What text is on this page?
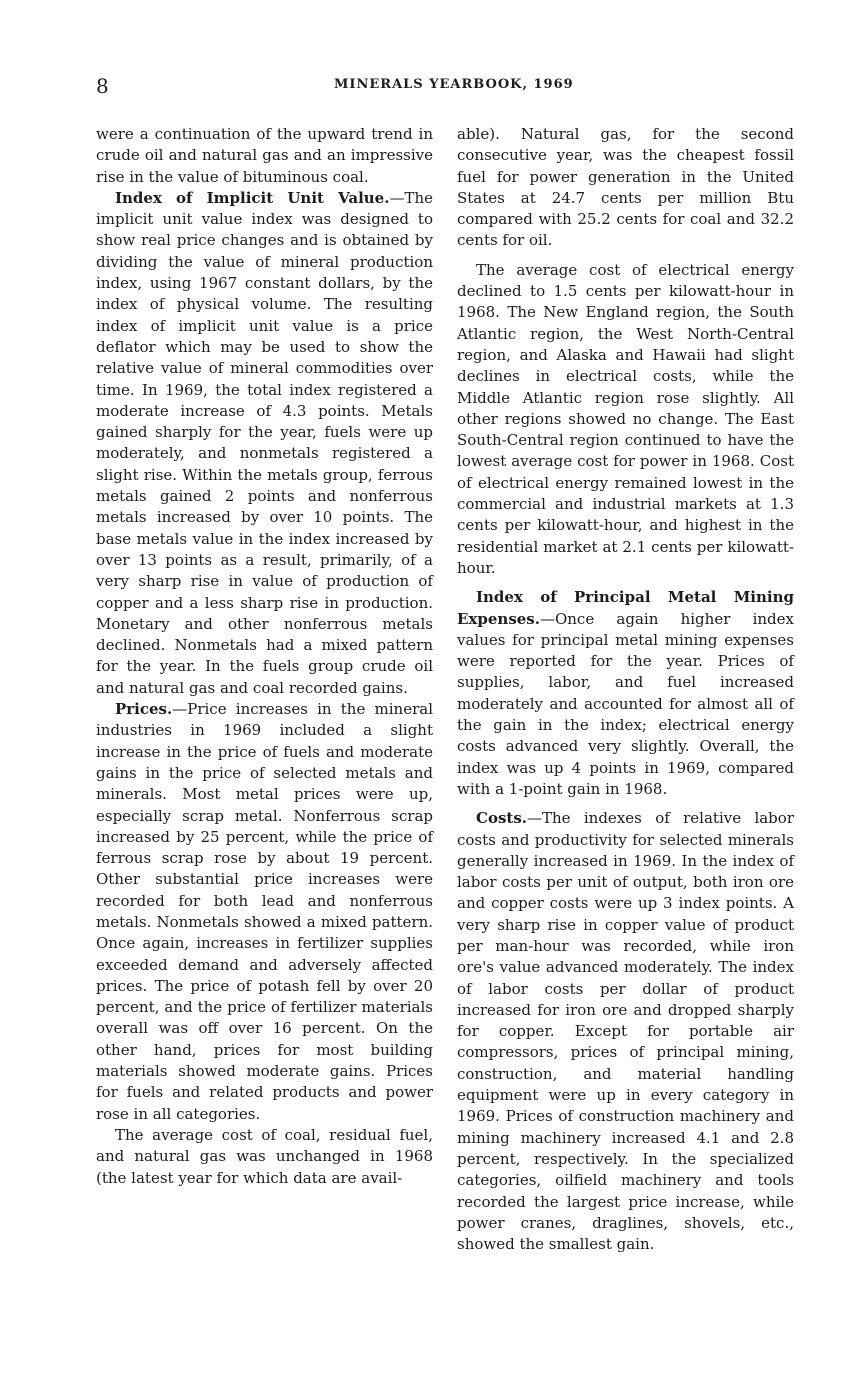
8	MINERALS YEARBOOK, 1969

were a continuation of the upward trend in crude oil and natural gas and an impressive rise in the value of bituminous coal.

Index of Implicit Unit Value.—The implicit unit value index was designed to show real price changes and is obtained by dividing the value of mineral production index, using 1967 constant dollars, by the index of physical volume. The resulting index of implicit unit value is a price deflator which may be used to show the relative value of mineral commodities over time. In 1969, the total index registered a moderate increase of 4.3 points. Metals gained sharply for the year, fuels were up moderately, and nonmetals registered a slight rise. Within the metals group, ferrous metals gained 2 points and nonferrous metals increased by over 10 points. The base metals value in the index increased by over 13 points as a result, primarily, of a very sharp rise in value of production of copper and a less sharp rise in production. Monetary and other nonferrous metals declined. Nonmetals had a mixed pattern for the year. In the fuels group crude oil and natural gas and coal recorded gains.

Prices.—Price increases in the mineral industries in 1969 included a slight increase in the price of fuels and moderate gains in the price of selected metals and minerals. Most metal prices were up, especially scrap metal. Nonferrous scrap increased by 25 percent, while the price of ferrous scrap rose by about 19 percent. Other substantial price increases were recorded for both lead and nonferrous metals. Nonmetals showed a mixed pattern. Once again, increases in fertilizer supplies exceeded demand and adversely affected prices. The price of potash fell by over 20 percent, and the price of fertilizer materials overall was off over 16 percent. On the other hand, prices for most building materials showed moderate gains. Prices for fuels and related products and power rose in all categories.

The average cost of coal, residual fuel, and natural gas was unchanged in 1968 (the latest year for which data are avail-

able). Natural gas, for the second consecutive year, was the cheapest fossil fuel for power generation in the United States at 24.7 cents per million Btu compared with 25.2 cents for coal and 32.2 cents for oil.

The average cost of electrical energy declined to 1.5 cents per kilowatt-hour in 1968. The New England region, the South Atlantic region, the West North-Central region, and Alaska and Hawaii had slight declines in electrical costs, while the Middle Atlantic region rose slightly. All other regions showed no change. The East South-Central region continued to have the lowest average cost for power in 1968. Cost of electrical energy remained lowest in the commercial and industrial markets at 1.3 cents per kilowatt-hour, and highest in the residential market at 2.1 cents per kilowatt-hour.

Index of Principal Metal Mining Expenses.—Once again higher index values for principal metal mining expenses were reported for the year. Prices of supplies, labor, and fuel increased moderately and accounted for almost all of the gain in the index; electrical energy costs advanced very slightly. Overall, the index was up 4 points in 1969, compared with a 1-point gain in 1968.

Costs.—The indexes of relative labor costs and productivity for selected minerals generally increased in 1969. In the index of labor costs per unit of output, both iron ore and copper costs were up 3 index points. A very sharp rise in copper value of product per man-hour was recorded, while iron ore's value advanced moderately. The index of labor costs per dollar of product increased for iron ore and dropped sharply for copper. Except for portable air compressors, prices of principal mining, construction, and material handling equipment were up in every category in 1969. Prices of construction machinery and mining machinery increased 4.1 and 2.8 percent, respectively. In the specialized categories, oilfield machinery and tools recorded the largest price increase, while power cranes, draglines, shovels, etc., showed the smallest gain.
